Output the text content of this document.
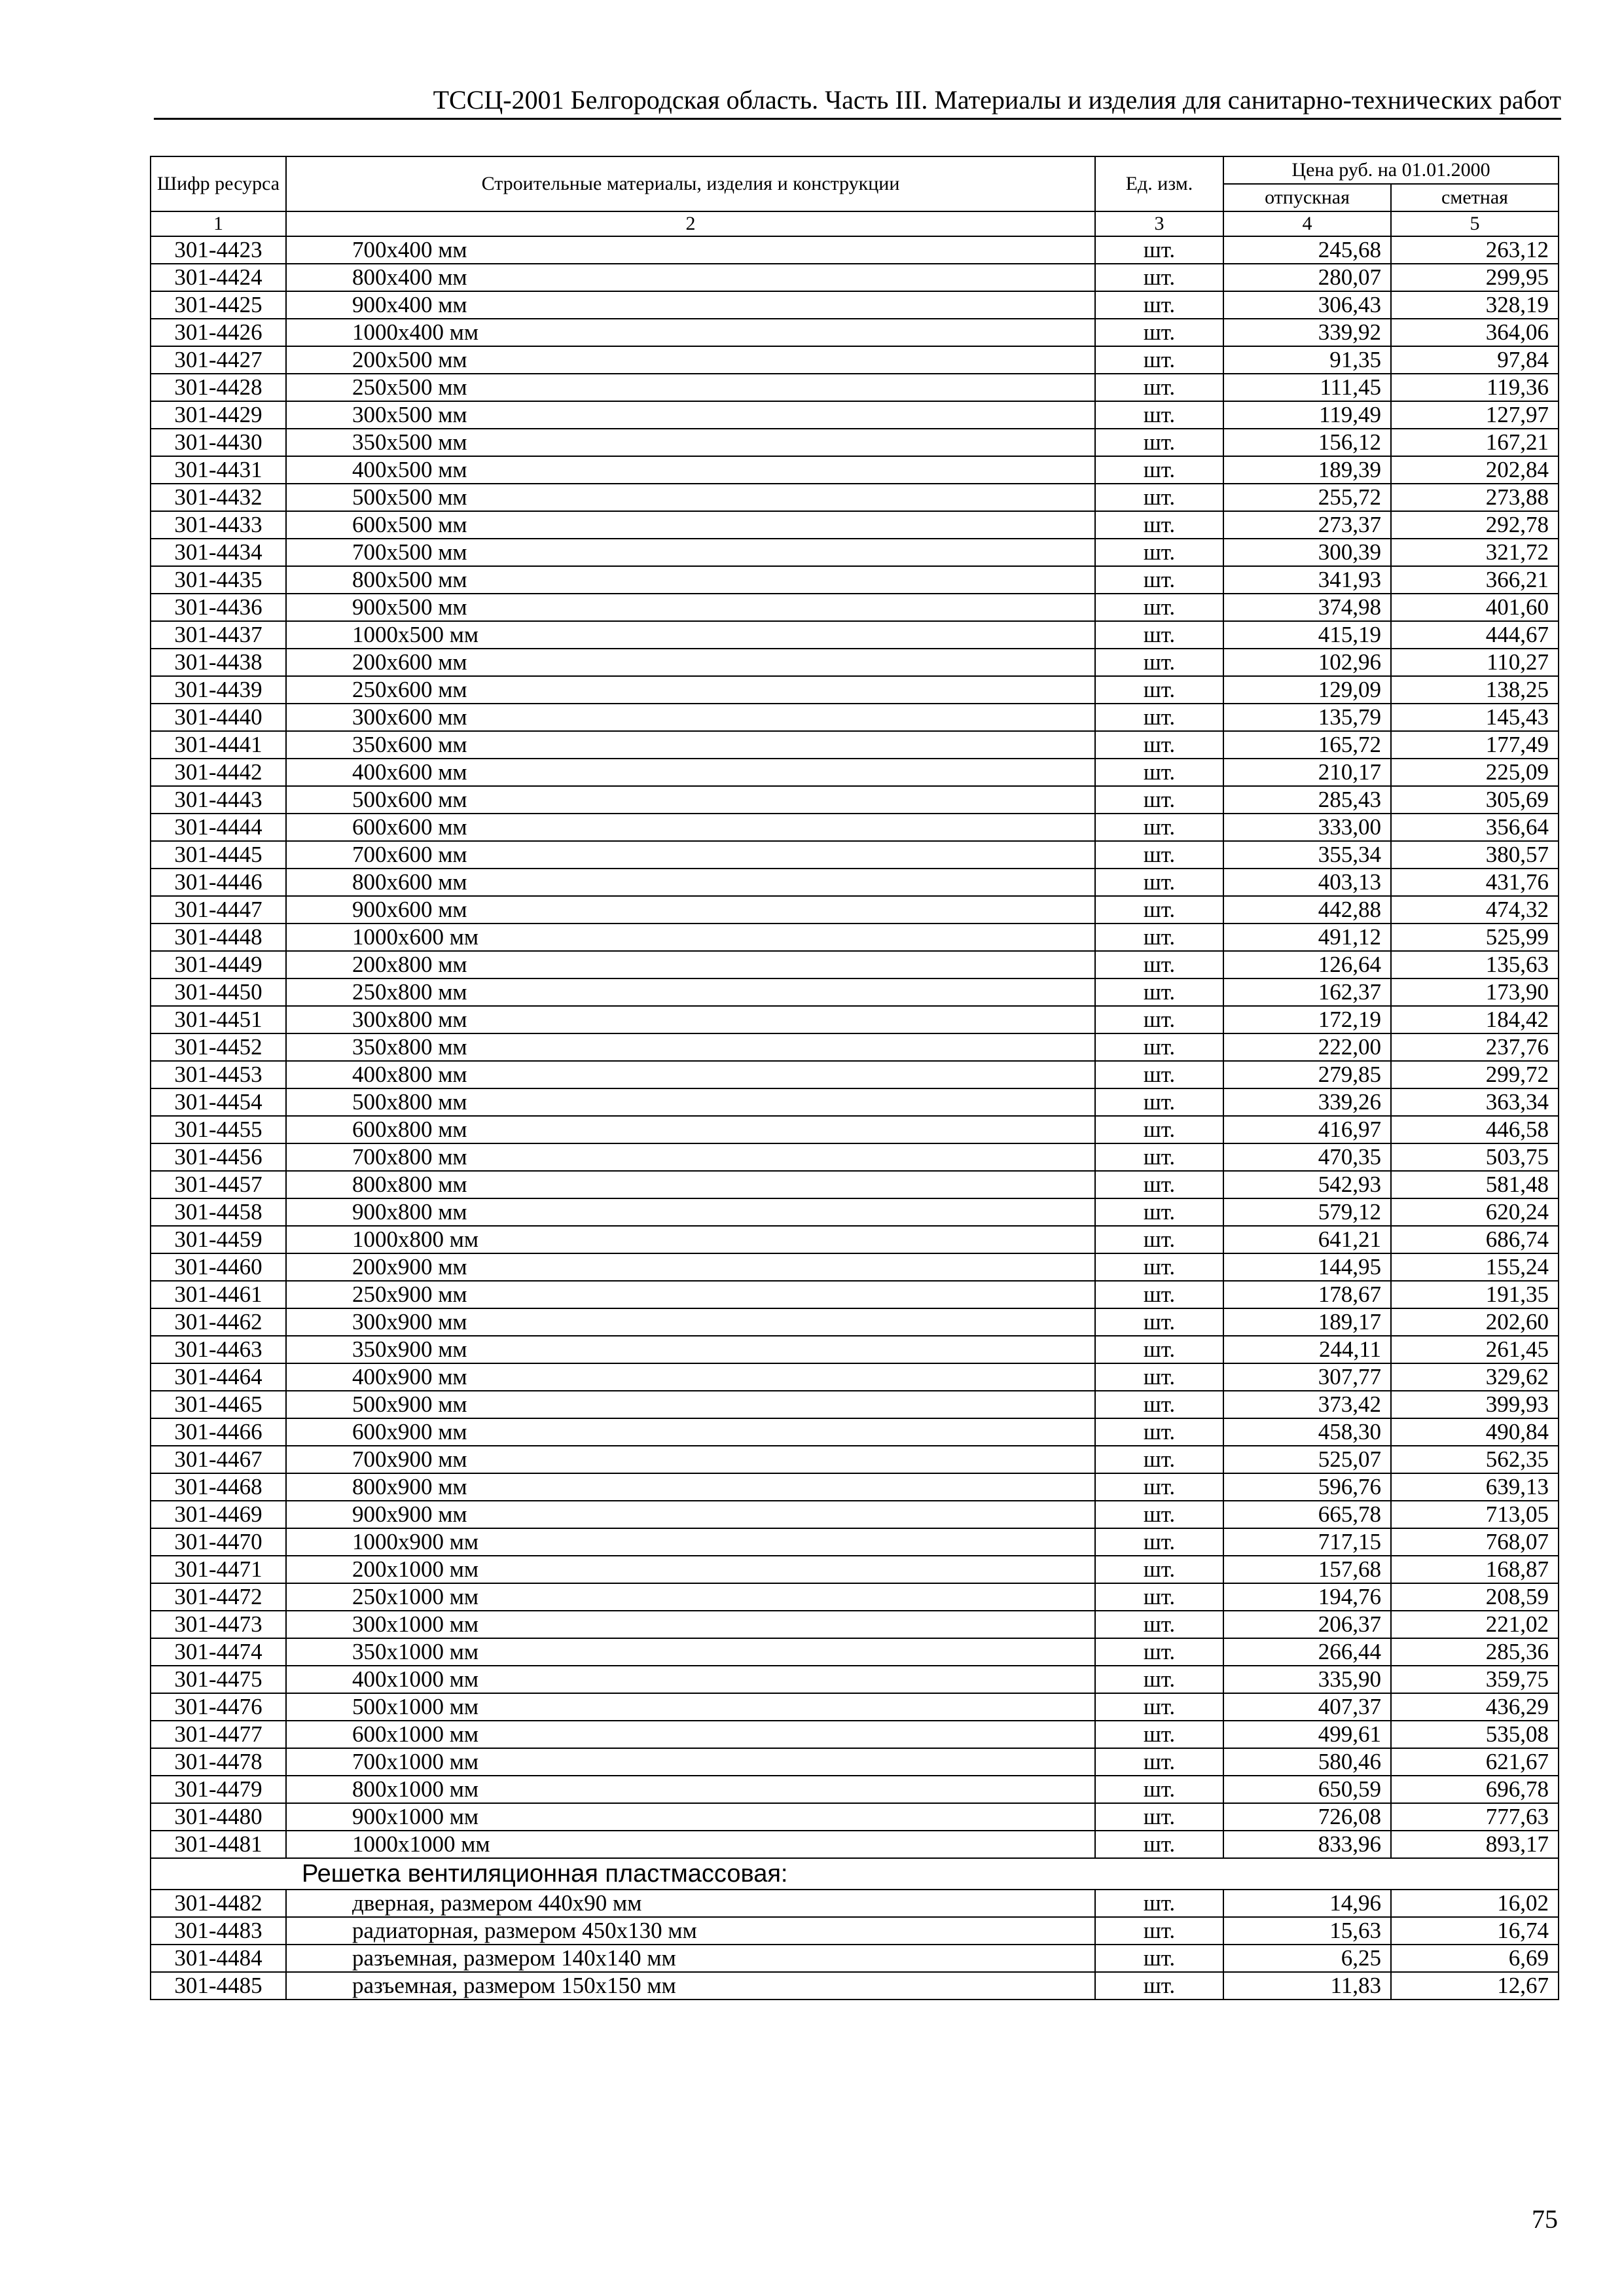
ТССЦ-2001 Белгородская область. Часть III. Материалы и изделия для санитарно-технических работ
Шифр ресурса	Строительные материалы, изделия и конструкции	Ед. изм.	Цена руб. на 01.01.2000	
			отпускная	сметная
1	2	3	4	5
301-4423	700x400 мм	шт.	245,68	263,12
301-4424	800x400 мм	шт.	280,07	299,95
301-4425	900x400 мм	шт.	306,43	328,19
301-4426	1000x400 мм	шт.	339,92	364,06
301-4427	200x500 мм	шт.	91,35	97,84
301-4428	250x500 мм	шт.	111,45	119,36
301-4429	300x500 мм	шт.	119,49	127,97
301-4430	350x500 мм	шт.	156,12	167,21
301-4431	400x500 мм	шт.	189,39	202,84
301-4432	500x500 мм	шт.	255,72	273,88
301-4433	600x500 мм	шт.	273,37	292,78
301-4434	700x500 мм	шт.	300,39	321,72
301-4435	800x500 мм	шт.	341,93	366,21
301-4436	900x500 мм	шт.	374,98	401,60
301-4437	1000x500 мм	шт.	415,19	444,67
301-4438	200x600 мм	шт.	102,96	110,27
301-4439	250x600 мм	шт.	129,09	138,25
301-4440	300x600 мм	шт.	135,79	145,43
301-4441	350x600 мм	шт.	165,72	177,49
301-4442	400x600 мм	шт.	210,17	225,09
301-4443	500x600 мм	шт.	285,43	305,69
301-4444	600x600 мм	шт.	333,00	356,64
301-4445	700x600 мм	шт.	355,34	380,57
301-4446	800x600 мм	шт.	403,13	431,76
301-4447	900x600 мм	шт.	442,88	474,32
301-4448	1000x600 мм	шт.	491,12	525,99
301-4449	200x800 мм	шт.	126,64	135,63
301-4450	250x800 мм	шт.	162,37	173,90
301-4451	300x800 мм	шт.	172,19	184,42
301-4452	350x800 мм	шт.	222,00	237,76
301-4453	400x800 мм	шт.	279,85	299,72
301-4454	500x800 мм	шт.	339,26	363,34
301-4455	600x800 мм	шт.	416,97	446,58
301-4456	700x800 мм	шт.	470,35	503,75
301-4457	800x800 мм	шт.	542,93	581,48
301-4458	900x800 мм	шт.	579,12	620,24
301-4459	1000x800 мм	шт.	641,21	686,74
301-4460	200x900 мм	шт.	144,95	155,24
301-4461	250x900 мм	шт.	178,67	191,35
301-4462	300x900 мм	шт.	189,17	202,60
301-4463	350x900 мм	шт.	244,11	261,45
301-4464	400x900 мм	шт.	307,77	329,62
301-4465	500x900 мм	шт.	373,42	399,93
301-4466	600x900 мм	шт.	458,30	490,84
301-4467	700x900 мм	шт.	525,07	562,35
301-4468	800x900 мм	шт.	596,76	639,13
301-4469	900x900 мм	шт.	665,78	713,05
301-4470	1000x900 мм	шт.	717,15	768,07
301-4471	200x1000 мм	шт.	157,68	168,87
301-4472	250x1000 мм	шт.	194,76	208,59
301-4473	300x1000 мм	шт.	206,37	221,02
301-4474	350x1000 мм	шт.	266,44	285,36
301-4475	400x1000 мм	шт.	335,90	359,75
301-4476	500x1000 мм	шт.	407,37	436,29
301-4477	600x1000 мм	шт.	499,61	535,08
301-4478	700x1000 мм	шт.	580,46	621,67
301-4479	800x1000 мм	шт.	650,59	696,78
301-4480	900x1000 мм	шт.	726,08	777,63
301-4481	1000x1000 мм	шт.	833,96	893,17
Решетка вентиляционная пластмассовая:				
301-4482	дверная, размером 440x90 мм	шт.	14,96	16,02
301-4483	радиаторная, размером 450x130 мм	шт.	15,63	16,74
301-4484	разъемная, размером 140x140 мм	шт.	6,25	6,69
301-4485	разъемная, размером 150x150 мм	шт.	11,83	12,67
75
